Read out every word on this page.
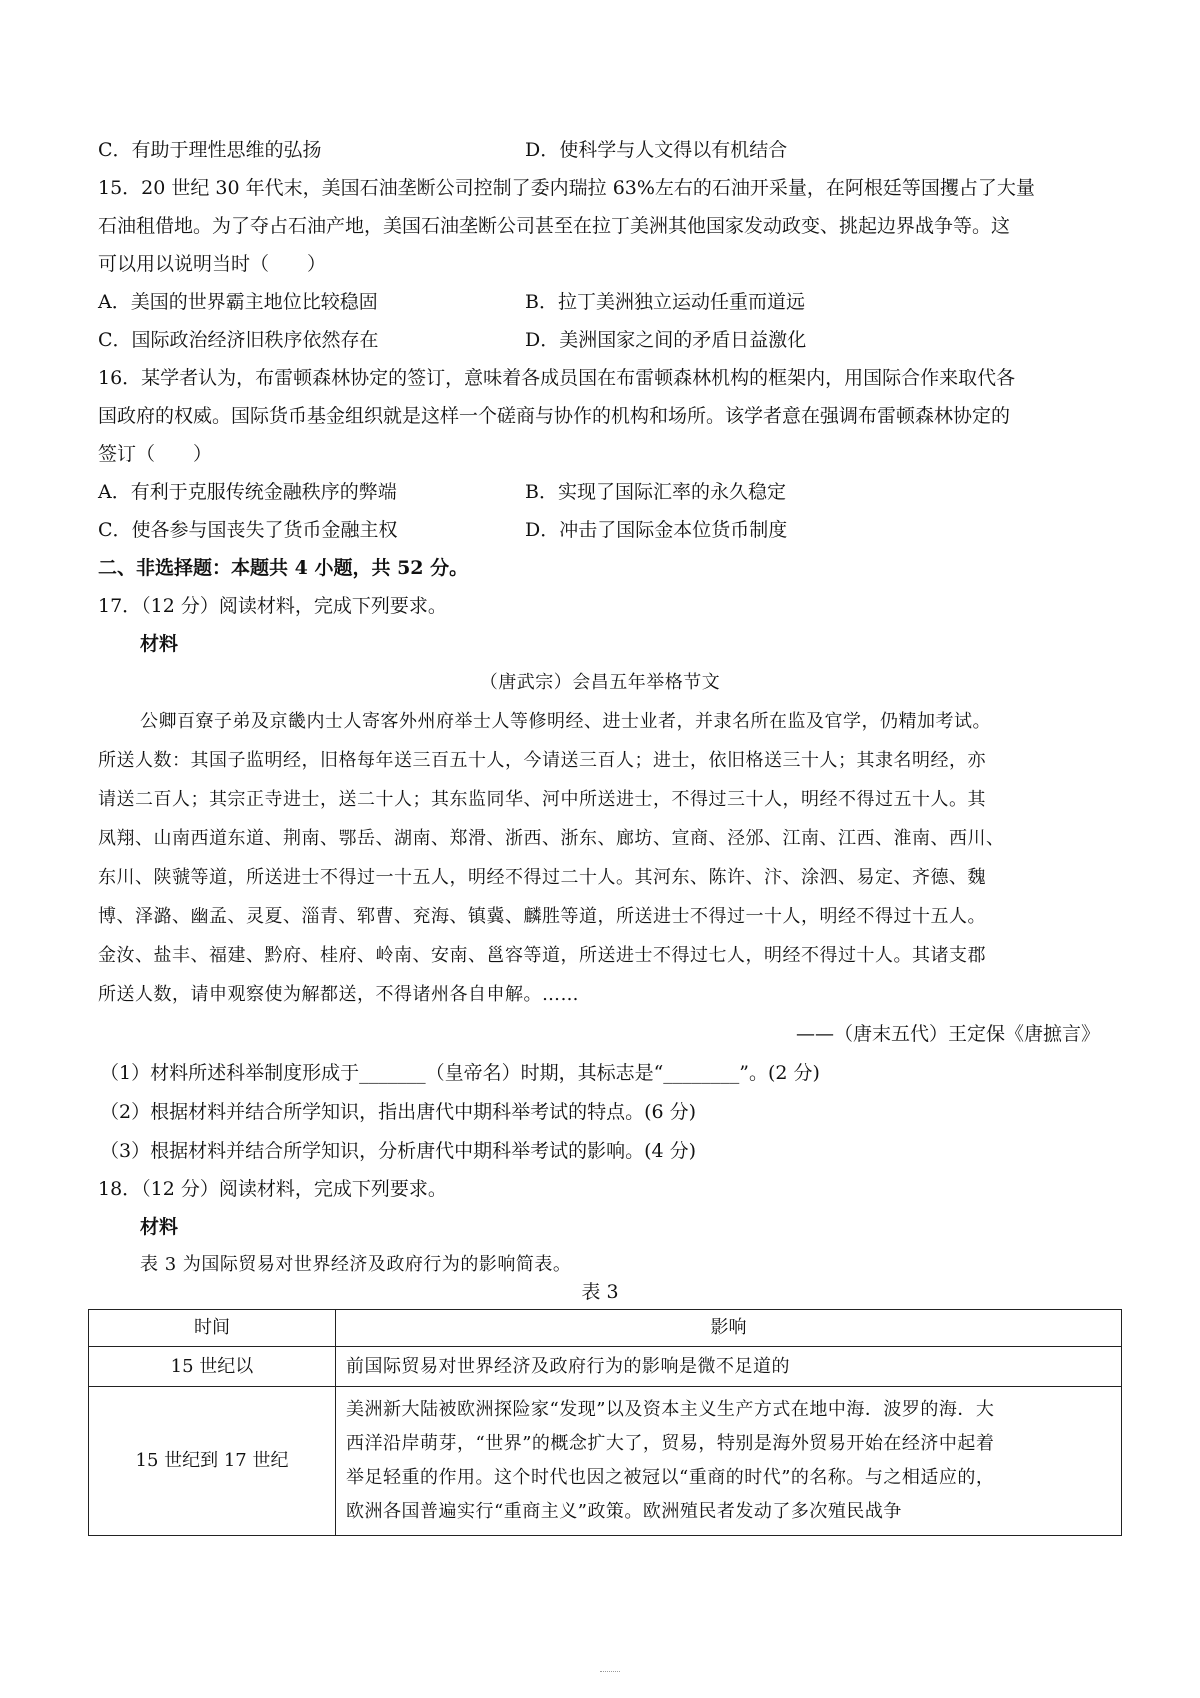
C．有助于理性思维的弘扬	D．使科学与人文得以有机结合
15．20 世纪 30 年代末，美国石油垄断公司控制了委内瑞拉 63%左右的石油开采量，在阿根廷等国攫占了大量
石油租借地。为了夺占石油产地，美国石油垄断公司甚至在拉丁美洲其他国家发动政变、挑起边界战争等。这
可以用以说明当时（　　）
A．美国的世界霸主地位比较稳固	B．拉丁美洲独立运动任重而道远
C．国际政治经济旧秩序依然存在	D．美洲国家之间的矛盾日益激化
16．某学者认为，布雷顿森林协定的签订，意味着各成员国在布雷顿森林机构的框架内，用国际合作来取代各
国政府的权威。国际货币基金组织就是这样一个磋商与协作的机构和场所。该学者意在强调布雷顿森林协定的
签订（　　）
A．有利于克服传统金融秩序的弊端	B．实现了国际汇率的永久稳定
C．使各参与国丧失了货币金融主权	D．冲击了国际金本位货币制度
二、非选择题：本题共 4 小题，共 52 分。
17．（12 分）阅读材料，完成下列要求。
材料
（唐武宗）会昌五年举格节文
公卿百寮子弟及京畿内士人寄客外州府举士人等修明经、进士业者，并隶名所在监及官学，仍精加考试。
所送人数：其国子监明经，旧格每年送三百五十人，今请送三百人；进士，依旧格送三十人；其隶名明经，亦
请送二百人；其宗正寺进士，送二十人；其东监同华、河中所送进士，不得过三十人，明经不得过五十人。其
凤翔、山南西道东道、荆南、鄂岳、湖南、郑滑、浙西、浙东、廊坊、宣商、泾邠、江南、江西、淮南、西川、
东川、陕虢等道，所送进士不得过一十五人，明经不得过二十人。其河东、陈许、汴、涂泗、易定、齐德、魏
博、泽潞、幽孟、灵夏、淄青、郓曹、兖海、镇冀、麟胜等道，所送进士不得过一十人，明经不得过十五人。
金汝、盐丰、福建、黔府、桂府、岭南、安南、邕容等道，所送进士不得过七人，明经不得过十人。其诸支郡
所送人数，请申观察使为解都送，不得诸州各自申解。……
——（唐末五代）王定保《唐摭言》
（1）材料所述科举制度形成于_______（皇帝名）时期，其标志是“________”。(2 分)
（2）根据材料并结合所学知识，指出唐代中期科举考试的特点。(6 分)
（3）根据材料并结合所学知识，分析唐代中期科举考试的影响。(4 分)
18．（12 分）阅读材料，完成下列要求。
材料
表 3 为国际贸易对世界经济及政府行为的影响简表。
表 3
时间	影响
15 世纪以	前国际贸易对世界经济及政府行为的影响是微不足道的

15 世纪到 17 世纪	美洲新大陆被欧洲探险家“发现”以及资本主义生产方式在地中海．波罗的海．大
西洋沿岸萌芽，“世界”的概念扩大了，贸易，特别是海外贸易开始在经济中起着
举足轻重的作用。这个时代也因之被冠以“重商的时代”的名称。与之相适应的，
欧洲各国普遍实行“重商主义”政策。欧洲殖民者发动了多次殖民战争
